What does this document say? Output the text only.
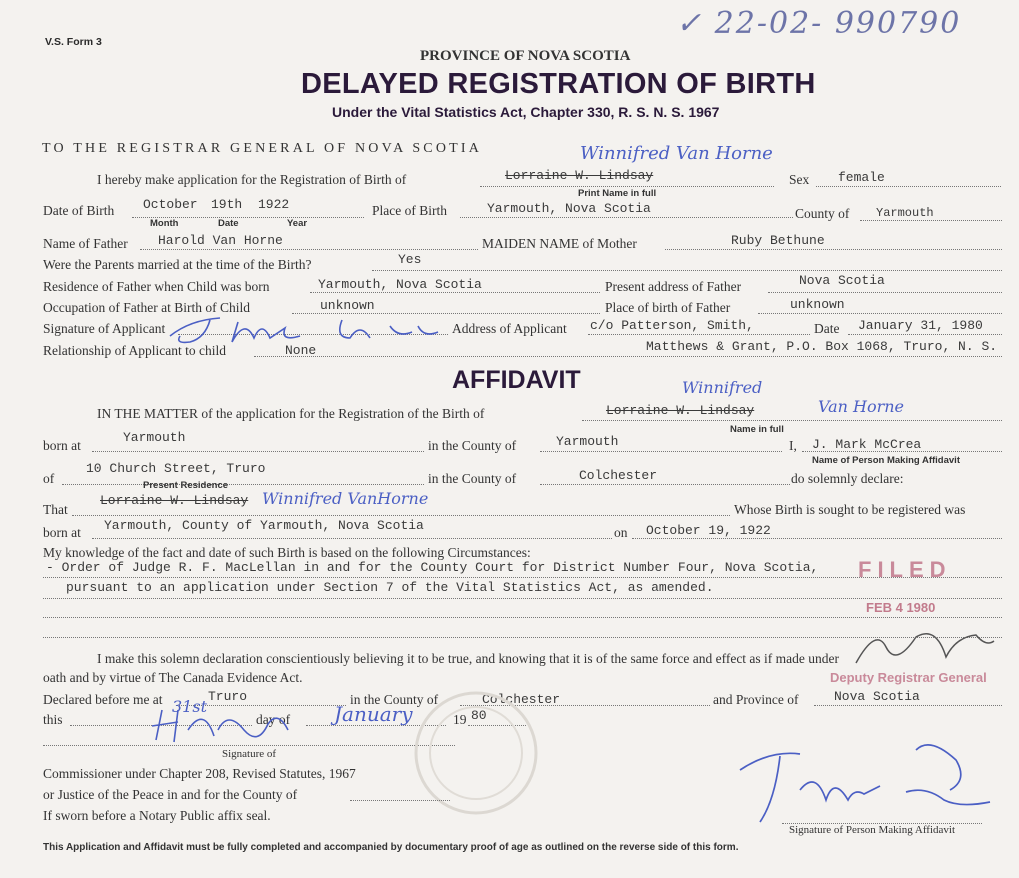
V.S. Form 3
✓ 22-02- 990790
PROVINCE OF NOVA SCOTIA
DELAYED REGISTRATION OF BIRTH
Under the Vital Statistics Act, Chapter 330, R. S. N. S. 1967
TO THE REGISTRAR GENERAL OF NOVA SCOTIA
I hereby make application for the Registration of Birth of
Winnifred Van Horne
Lorraine W. Lindsay
Print Name in full
Sex female
Date of Birth October 19th 1922
Month	Date	Year
Place of Birth	Yarmouth, Nova Scotia	County of Yarmouth
Name of Father Harold Van Horne	MAIDEN NAME of Mother	Ruby Bethune
Were the Parents married at the time of the Birth?	Yes
Residence of Father when Child was born	Yarmouth, Nova Scotia	Present address of Father	Nova Scotia
Occupation of Father at Birth of Child	unknown	Place of birth of Father	unknown
Signature of Applicant	Address of Applicant c/o Patterson, Smith,	Date January 31, 1980
Relationship of Applicant to child	None	Matthews & Grant, P.O. Box 1068, Truro, N. S.
AFFIDAVIT
IN THE MATTER of the application for the Registration of the Birth of
Winnifred
Lorraine W. Lindsay	Van Horne
Name in full
born at
Yarmouth
in the County of	Yarmouth	I, J. Mark McCrea
Name of Person Making Affidavit
of
10 Church Street, Truro
Present Residence	in the County of	Colchester	do solemnly declare:
That
Lorraine W. Lindsay Winnifred VanHorne
Whose Birth is sought to be registered was
born at Yarmouth, County of Yarmouth, Nova Scotia	on October 19, 1922
My knowledge of the fact and date of such Birth is based on the following Circumstances:
- Order of Judge R. F. MacLellan in and for the County Court for District Number Four, Nova Scotia,
pursuant to an application under Section 7 of the Vital Statistics Act, as amended.
FILED
FEB 4 1980
Deputy Registrar General
I make this solemn declaration conscientiously believing it to be true, and knowing that it is of the same force and effect as if made under
oath and by virtue of The Canada Evidence Act.
Declared before me at	Truro	in the County of	Colchester	and Province of	Nova Scotia
this
31st
day of January	19 80
Signature of
Commissioner under Chapter 208, Revised Statutes, 1967
or Justice of the Peace in and for the County of
If sworn before a Notary Public affix seal.
Signature of Person Making Affidavit
This Application and Affidavit must be fully completed and accompanied by documentary proof of age as outlined on the reverse side of this form.
